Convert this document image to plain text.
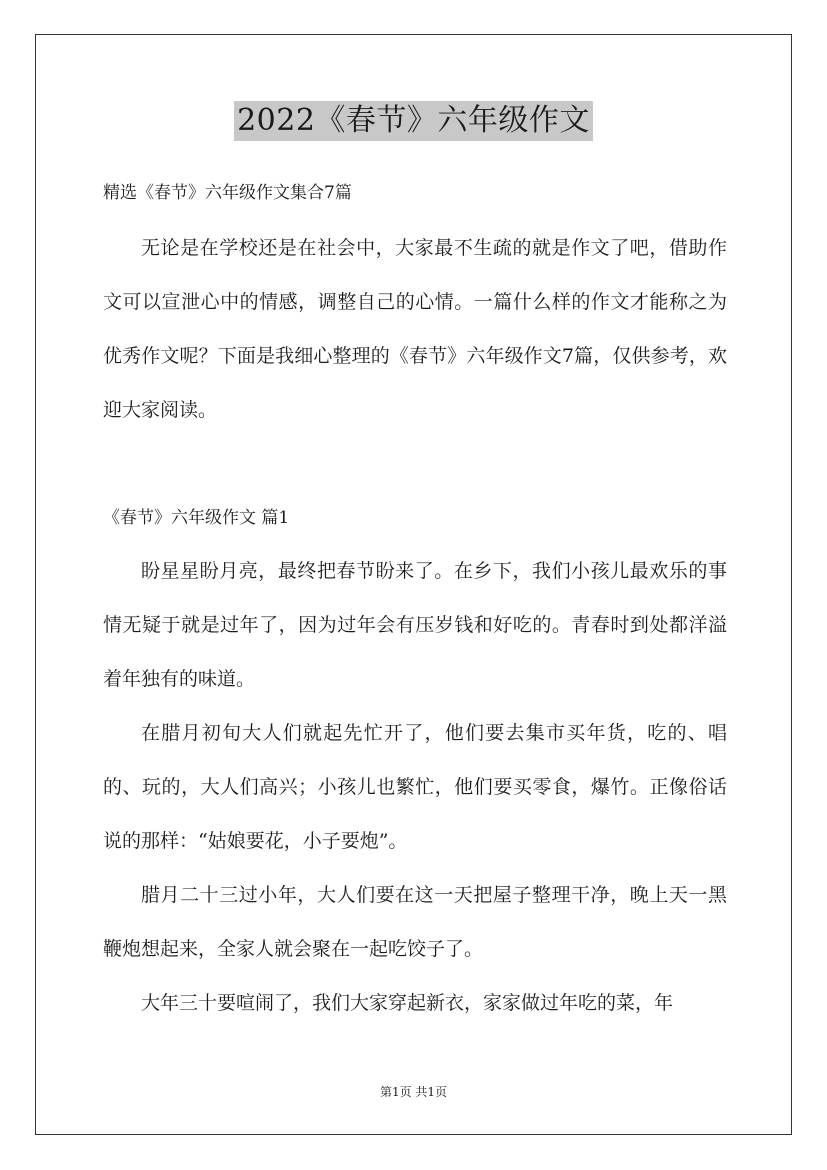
2022《春节》六年级作文
精选《春节》六年级作文集合7篇

无论是在学校还是在社会中，大家最不生疏的就是作文了吧，借助作文可以宣泄心中的情感，调整自己的心情。一篇什么样的作文才能称之为优秀作文呢？下面是我细心整理的《春节》六年级作文7篇，仅供参考，欢迎大家阅读。

《春节》六年级作文 篇1

盼星星盼月亮，最终把春节盼来了。在乡下，我们小孩儿最欢乐的事情无疑于就是过年了，因为过年会有压岁钱和好吃的。青春时到处都洋溢着年独有的味道。

在腊月初旬大人们就起先忙开了，他们要去集市买年货，吃的、唱的、玩的，大人们高兴；小孩儿也繁忙，他们要买零食，爆竹。正像俗话说的那样：“姑娘要花，小子要炮”。

腊月二十三过小年，大人们要在这一天把屋子整理干净，晚上天一黑鞭炮想起来，全家人就会聚在一起吃饺子了。

大年三十要喧闹了，我们大家穿起新衣，家家做过年吃的菜，年

第1页 共1页
